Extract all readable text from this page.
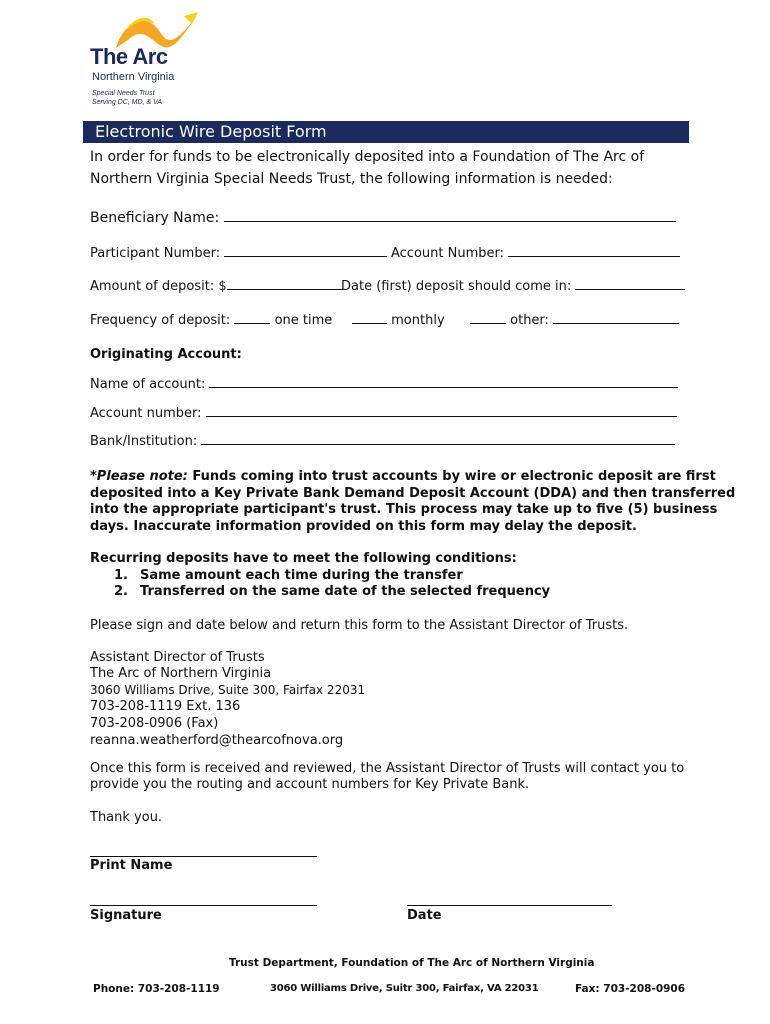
The Arc
Northern Virginia
Special Needs Trust
Serving DC, MD, & VA
Electronic Wire Deposit Form
In order for funds to be electronically deposited into a Foundation of The Arc of
Northern Virginia Special Needs Trust, the following information is needed:
Beneficiary Name:
Participant Number:	Account Number:
Amount of deposit: $	Date (first) deposit should come in:
Frequency of deposit:	one time	monthly	other:
Originating Account:
Name of account:
Account number:
Bank/Institution:
*Please note: Funds coming into trust accounts by wire or electronic deposit are first
deposited into a Key Private Bank Demand Deposit Account (DDA) and then transferred
into the appropriate participant's trust. This process may take up to five (5) business
days. Inaccurate information provided on this form may delay the deposit.
Recurring deposits have to meet the following conditions:
1. Same amount each time during the transfer
2. Transferred on the same date of the selected frequency
Please sign and date below and return this form to the Assistant Director of Trusts.
Assistant Director of Trusts
The Arc of Northern Virginia
3060 Williams Drive, Suite 300, Fairfax 22031
703-208-1119 Ext. 136
703-208-0906 (Fax)
reanna.weatherford@thearcofnova.org
Once this form is received and reviewed, the Assistant Director of Trusts will contact you to
provide you the routing and account numbers for Key Private Bank.
Thank you.
Print Name
Signature	Date
Trust Department, Foundation of The Arc of Northern Virginia
Phone: 703-208-1119	3060 Williams Drive, Suitr 300, Fairfax, VA 22031	Fax: 703-208-0906
